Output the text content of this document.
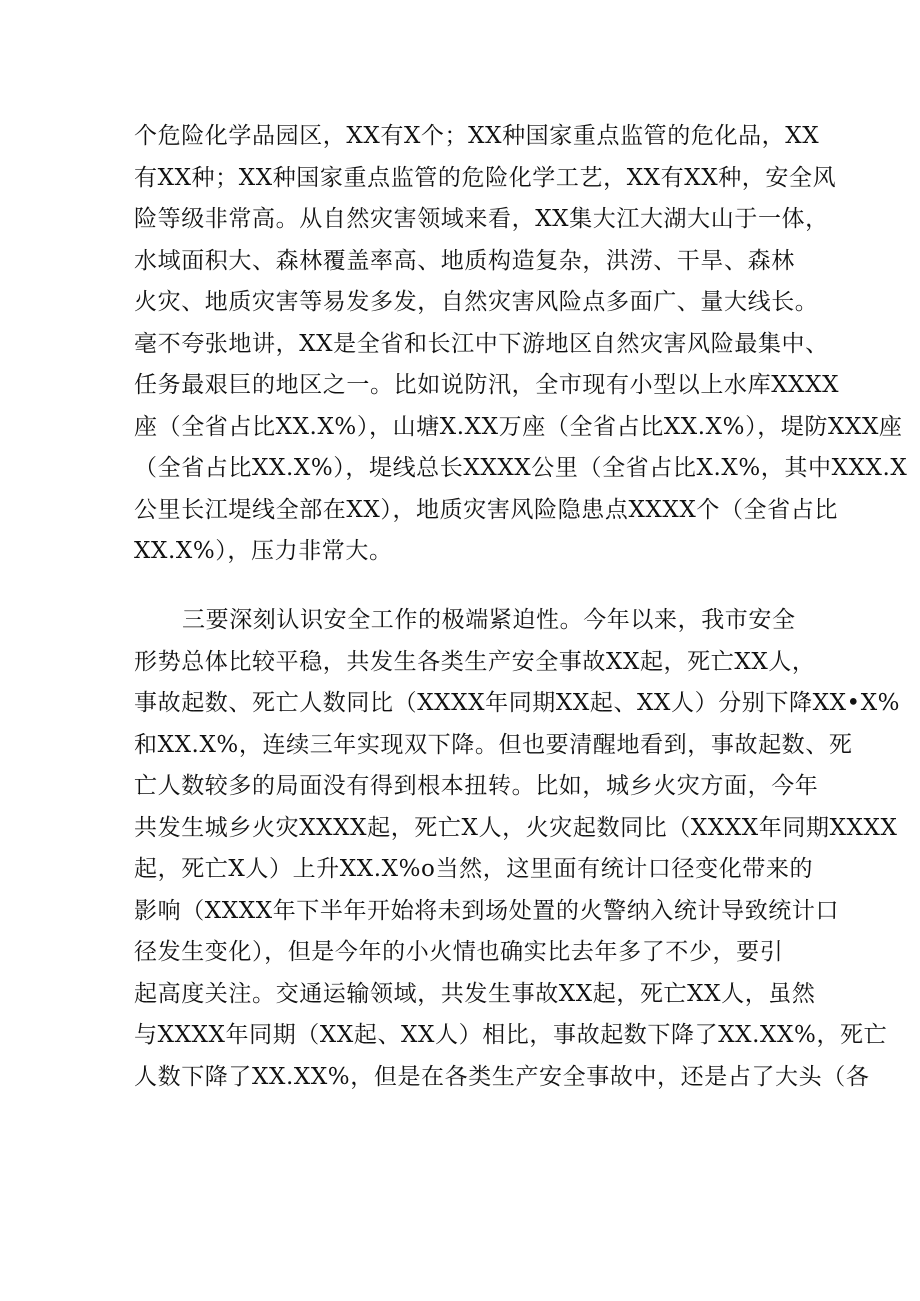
个危险化学品园区，XX有X个；XX种国家重点监管的危化品，XX
有XX种；XX种国家重点监管的危险化学工艺，XX有XX种，安全风
险等级非常高。从自然灾害领域来看，XX集大江大湖大山于一体，
水域面积大、森林覆盖率高、地质构造复杂，洪涝、干旱、森林
火灾、地质灾害等易发多发，自然灾害风险点多面广、量大线长。
毫不夸张地讲，XX是全省和长江中下游地区自然灾害风险最集中、
任务最艰巨的地区之一。比如说防汛，全市现有小型以上水库XXXX
座（全省占比XX.X%），山塘X.XX万座（全省占比XX.X%），堤防XXX座
（全省占比XX.X%），堤线总长XXXX公里（全省占比X.X%，其中XXX.X
公里长江堤线全部在XX），地质灾害风险隐患点XXXX个（全省占比
XX.X%），压力非常大。
三要深刻认识安全工作的极端紧迫性。今年以来，我市安全
形势总体比较平稳，共发生各类生产安全事故XX起，死亡XX人，
事故起数、死亡人数同比（XXXX年同期XX起、XX人）分别下降XX•X%
和XX.X%，连续三年实现双下降。但也要清醒地看到，事故起数、死
亡人数较多的局面没有得到根本扭转。比如，城乡火灾方面，今年
共发生城乡火灾XXXX起，死亡X人，火灾起数同比（XXXX年同期XXXX
起，死亡X人）上升XX.X%o当然，这里面有统计口径变化带来的
影响（XXXX年下半年开始将未到场处置的火警纳入统计导致统计口
径发生变化），但是今年的小火情也确实比去年多了不少，要引
起高度关注。交通运输领域，共发生事故XX起，死亡XX人，虽然
与XXXX年同期（XX起、XX人）相比，事故起数下降了XX.XX%，死亡
人数下降了XX.XX%，但是在各类生产安全事故中，还是占了大头（各
